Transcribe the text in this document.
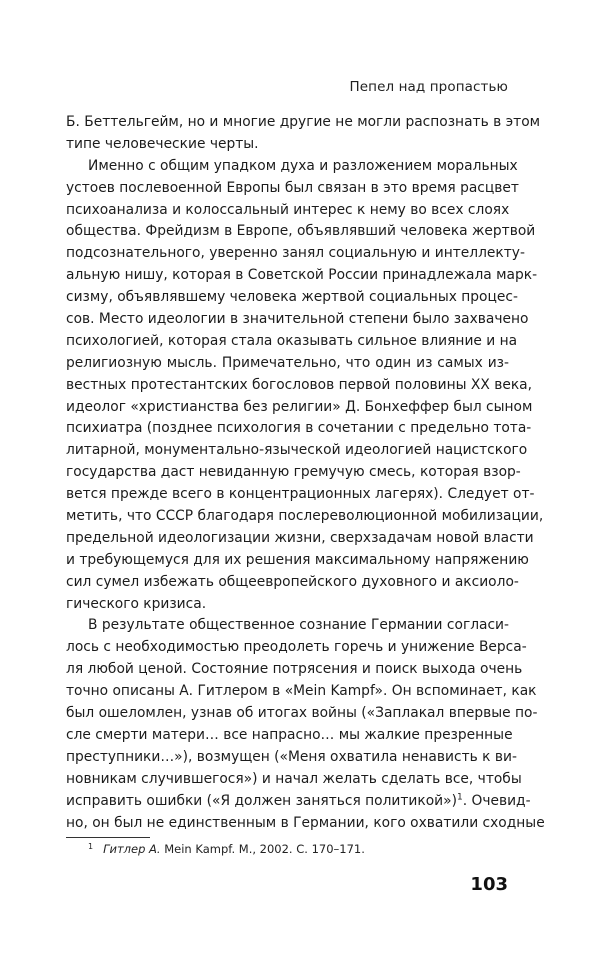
Пепел над пропастью
Б. Беттельгейм, но и многие другие не могли распознать в этом
типе человеческие черты.
Именно с общим упадком духа и разложением моральных
устоев послевоенной Европы был связан в это время расцвет
психоанализа и колоссальный интерес к нему во всех слоях
общества. Фрейдизм в Европе, объявлявший человека жертвой
подсознательного, уверенно занял социальную и интеллекту-
альную нишу, которая в Советской России принадлежала марк-
сизму, объявлявшему человека жертвой социальных процес-
сов. Место идеологии в значительной степени было захвачено
психологией, которая стала оказывать сильное влияние и на
религиозную мысль. Примечательно, что один из самых из-
вестных протестантских богословов первой половины XX века,
идеолог «христианства без религии» Д. Бонхеффер был сыном
психиатра (позднее психология в сочетании с предельно тота-
литарной, монументально-языческой идеологией нацистского
государства даст невиданную гремучую смесь, которая взор-
вется прежде всего в концентрационных лагерях). Следует от-
метить, что СССР благодаря послереволюционной мобилизации,
предельной идеологизации жизни, сверхзадачам новой власти
и требующемуся для их решения максимальному напряжению
сил сумел избежать общеевропейского духовного и аксиоло-
гического кризиса.
В результате общественное сознание Германии согласи-
лось с необходимостью преодолеть горечь и унижение Верса-
ля любой ценой. Состояние потрясения и поиск выхода очень
точно описаны А. Гитлером в «Mein Kampf». Он вспоминает, как
был ошеломлен, узнав об итогах войны («Заплакал впервые по-
сле смерти матери… все напрасно… мы жалкие презренные
преступники…»), возмущен («Меня охватила ненависть к ви-
новникам случившегося») и начал желать сделать все, чтобы
исправить ошибки («Я должен заняться политикой»)$^1$. Очевид-
но, он был не единственным в Германии, кого охватили сходные
$^1$ Гитлер А. Mein Kampf. М., 2002. С. 170–171.
103
